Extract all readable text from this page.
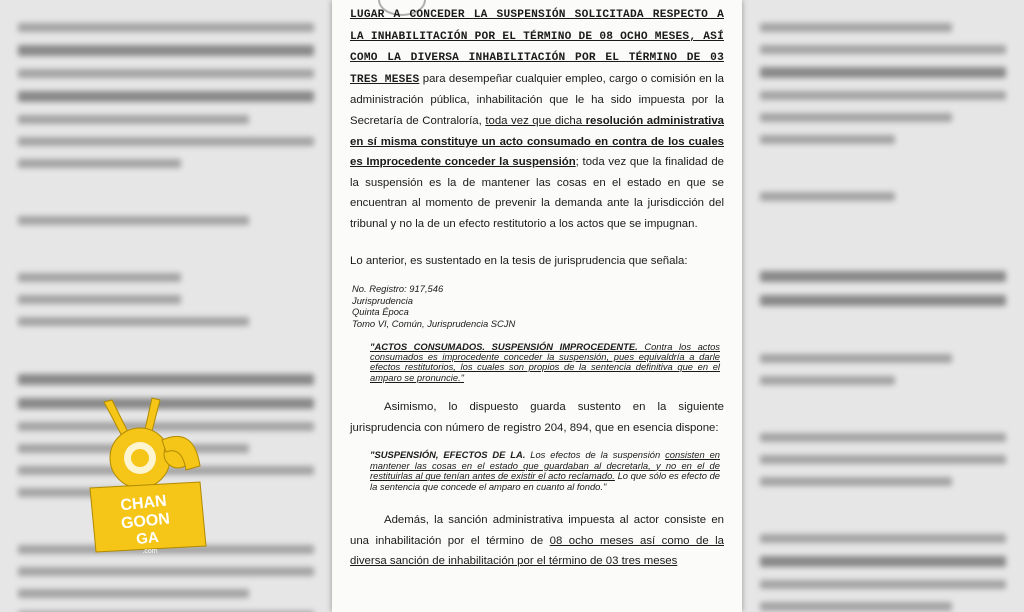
LUGAR A CONCEDER LA SUSPENSIÓN SOLICITADA RESPECTO A LA INHABILITACIÓN POR EL TÉRMINO DE 08 OCHO MESES, ASÍ COMO LA DIVERSA INHABILITACIÓN POR EL TÉRMINO DE 03 TRES MESES para desempeñar cualquier empleo, cargo o comisión en la administración pública, inhabilitación que le ha sido impuesta por la Secretaría de Contraloría, toda vez que dicha resolución administrativa en sí misma constituye un acto consumado en contra de los cuales es Improcedente conceder la suspensión; toda vez que la finalidad de la suspensión es la de mantener las cosas en el estado en que se encuentran al momento de prevenir la demanda ante la jurisdicción del tribunal y no la de un efecto restitutorio a los actos que se impugnan.

Lo anterior, es sustentado en la tesis de jurisprudencia que señala:

No. Registro: 917,546
Jurisprudencia
Quinta Época
Tomo VI, Común, Jurisprudencia SCJN

"ACTOS CONSUMADOS. SUSPENSIÓN IMPROCEDENTE. Contra los actos consumados es improcedente conceder la suspensión, pues equivaldría a darle efectos restitutorios, los cuales son propios de la sentencia definitiva que en el amparo se pronuncie."

Asimismo, lo dispuesto guarda sustento en la siguiente jurisprudencia con número de registro 204, 894, que en esencia dispone:

"SUSPENSIÓN, EFECTOS DE LA. Los efectos de la suspensión consisten en mantener las cosas en el estado que guardaban al decretarla, y no en el de restituirlas al que tenían antes de existir el acto reclamado. Lo que sólo es efecto de la sentencia que concede el amparo en cuanto al fondo."

Además, la sanción administrativa impuesta al actor consiste en una inhabilitación por el término de 08 ocho meses así como de la diversa sanción de inhabilitación por el término de 03 tres meses

CHAN
GOON
GA
.com
